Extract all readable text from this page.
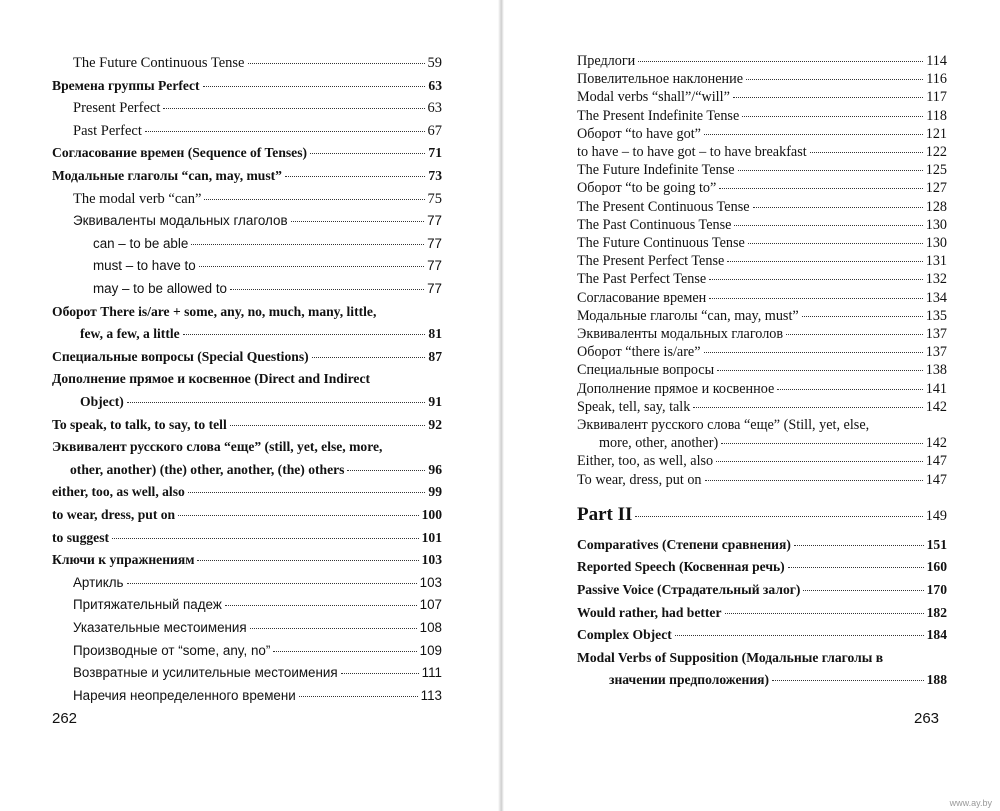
The Future Continuous Tense	59
Времена группы Perfect	63
Present Perfect	63
Past Perfect	67
Согласование времен (Sequence of Tenses)	71
Модальные глаголы “can, may, must”	73
The modal verb “can”	75
Эквиваленты модальных глаголов	77
can – to be able	77
must – to have to	77
may – to be allowed to	77
Оборот There is/are + some, any, no, much, many, little,
few, a few, a little	81
Специальные вопросы (Special Questions)	87
Дополнение прямое и косвенное (Direct and Indirect
Object)	91
To speak, to talk, to say, to tell	92
Эквивалент русского слова “еще” (still, yet, else, more,
other, another) (the) other, another, (the) others	96
either, too, as well, also	99
to wear, dress, put on	100
to suggest	101
Ключи к упражнениям	103
Артикль	103
Притяжательный падеж	107
Указательные местоимения	108
Производные от “some, any, no”	109
Возвратные и усилительные местоимения	111
Наречия неопределенного времени	113
262
Предлоги	114
Повелительное наклонение	116
Modal verbs “shall”/“will”	117
The Present Indefinite Tense	118
Оборот “to have got”	121
to have – to have got – to have breakfast	122
The Future Indefinite Tense	125
Оборот “to be going to”	127
The Present Continuous Tense	128
The Past Continuous Tense	130
The Future Continuous Tense	130
The Present Perfect Tense	131
The Past Perfect Tense	132
Согласование времен	134
Модальные глаголы “can, may, must”	135
Эквиваленты модальных глаголов	137
Оборот “there is/are”	137
Специальные вопросы	138
Дополнение прямое и косвенное	141
Speak, tell, say, talk	142
Эквивалент русского слова “еще” (Still, yet, else,
more, other, another)	142
Either, too, as well, also	147
To wear, dress, put on	147
Part II	149
Comparatives (Степени сравнения)	151
Reported Speech (Косвенная речь)	160
Passive Voice (Страдательный залог)	170
Would rather, had better	182
Complex Object	184
Modal Verbs of Supposition (Модальные глаголы в
значении предположения)	188
263
www.ay.by
